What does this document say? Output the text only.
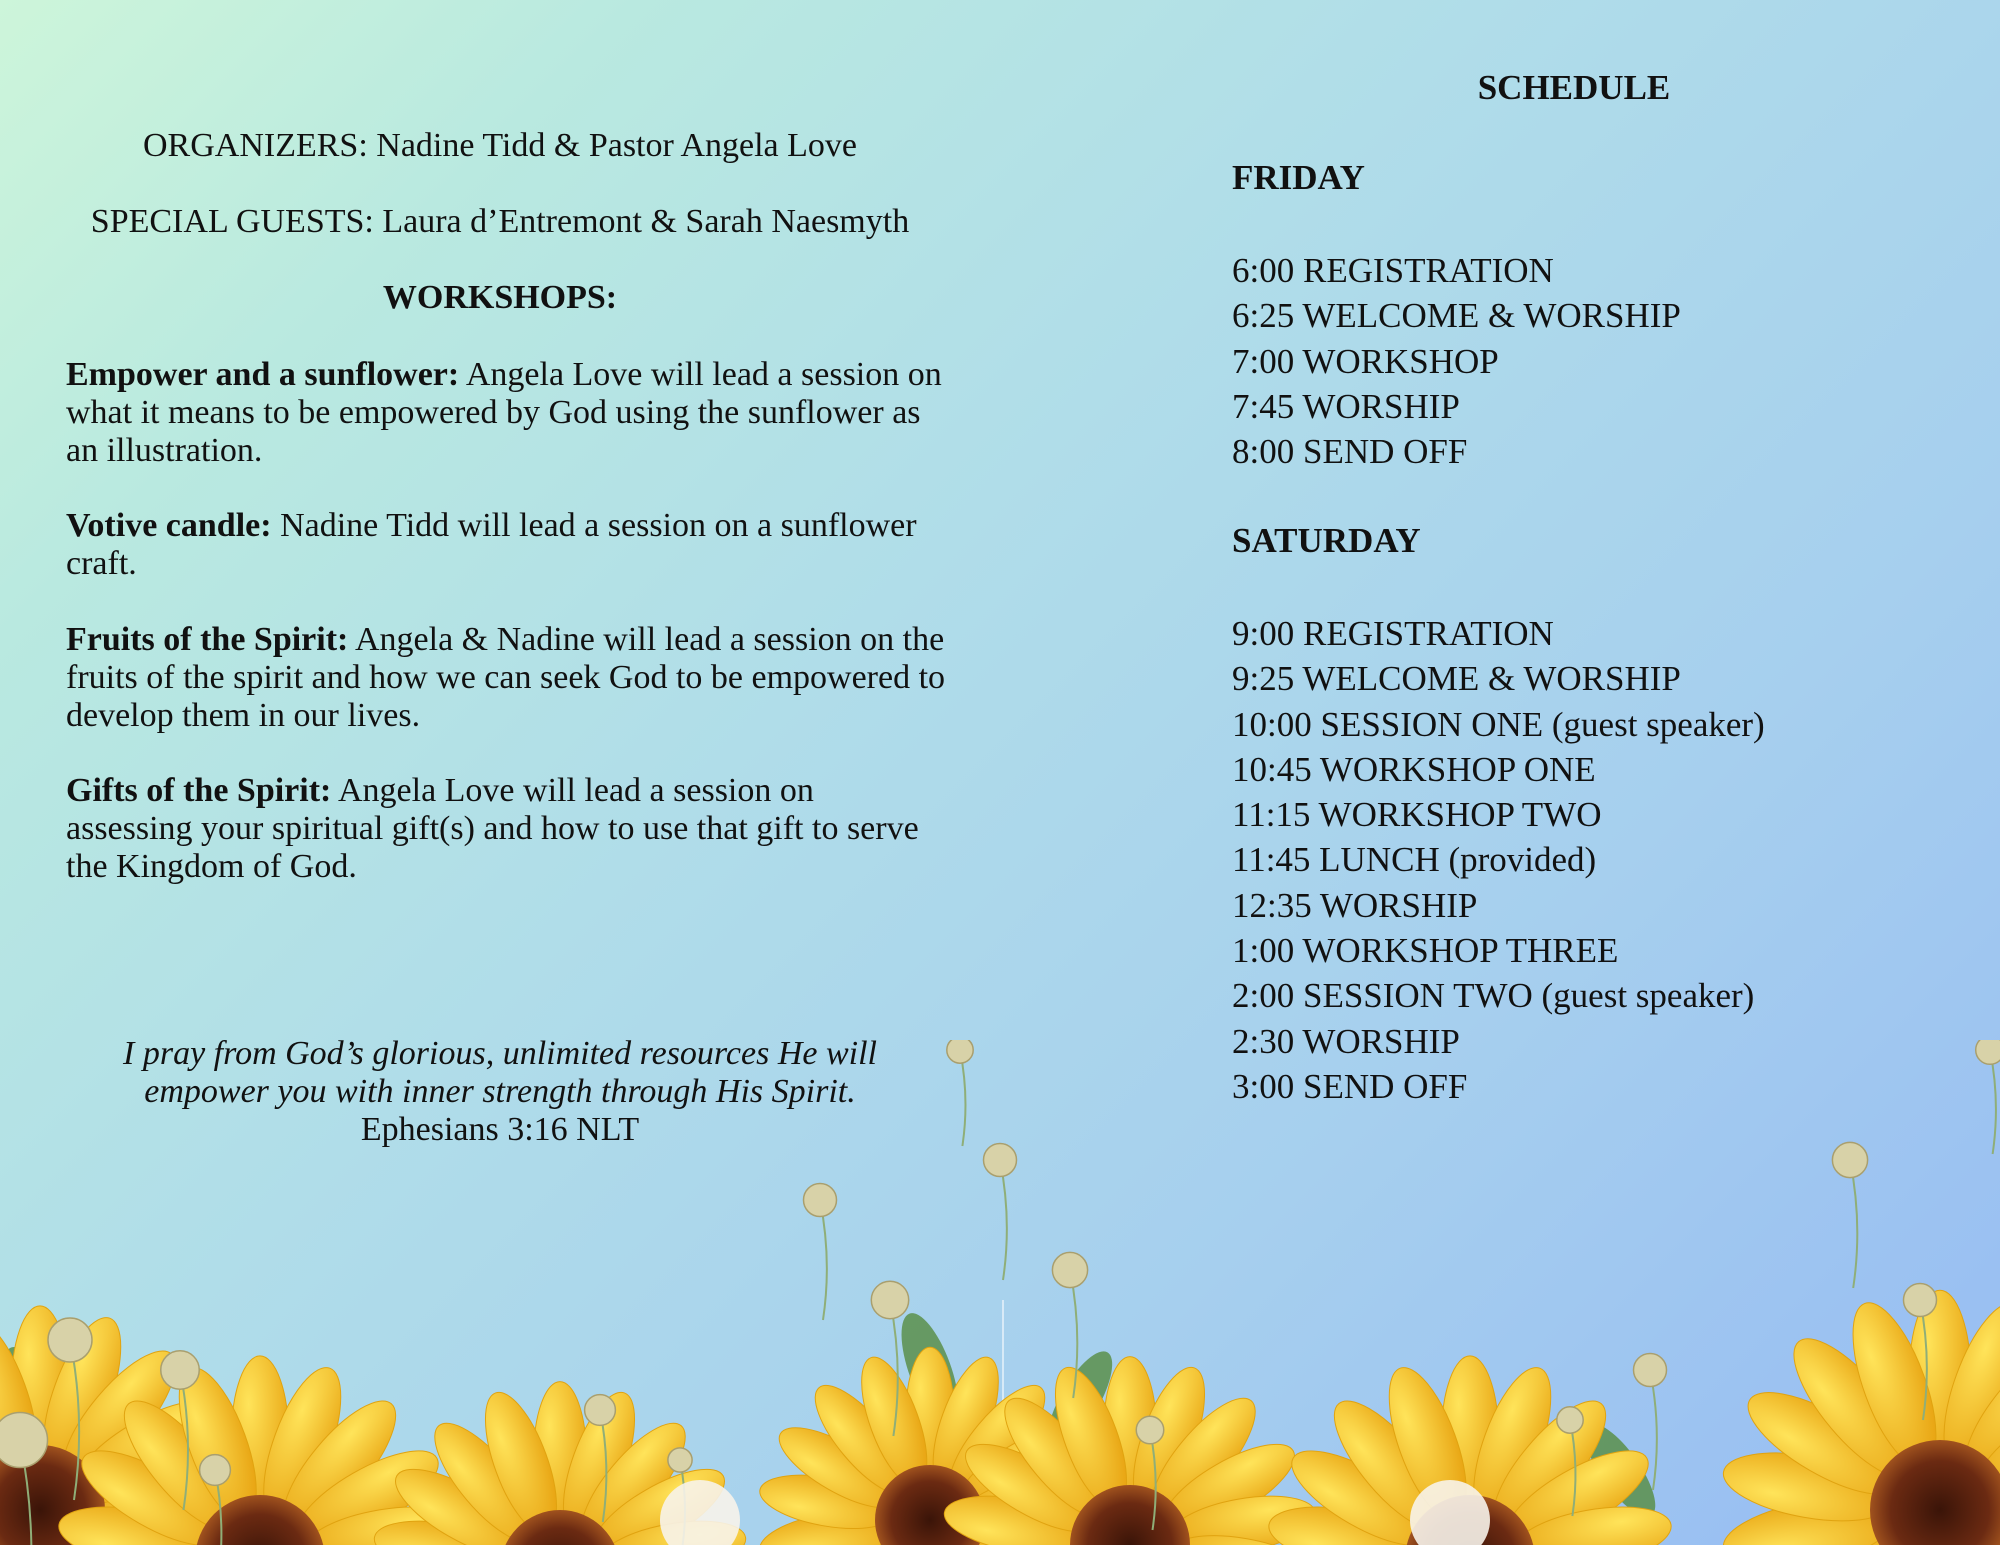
ORGANIZERS: Nadine Tidd & Pastor Angela Love

SPECIAL GUESTS: Laura d’Entremont & Sarah Naesmyth

WORKSHOPS:

Empower and a sunflower: Angela Love will lead a session on what it means to be empowered by God using the sunflower as an illustration.

Votive candle: Nadine Tidd will lead a session on a sunflower craft.

Fruits of the Spirit: Angela & Nadine will lead a session on the fruits of the spirit and how we can seek God to be empowered to develop them in our lives.

Gifts of the Spirit: Angela Love will lead a session on assessing your spiritual gift(s) and how to use that gift to serve the Kingdom of God.

I pray from God’s glorious, unlimited resources He will
empower you with inner strength through His Spirit.
Ephesians 3:16 NLT
SCHEDULE
FRIDAY
6:00 REGISTRATION
6:25 WELCOME & WORSHIP
7:00 WORKSHOP
7:45 WORSHIP
8:00 SEND OFF
SATURDAY
9:00 REGISTRATION
9:25 WELCOME & WORSHIP
10:00 SESSION ONE (guest speaker)
10:45 WORKSHOP ONE
11:15 WORKSHOP TWO
11:45 LUNCH (provided)
12:35 WORSHIP
1:00 WORKSHOP THREE
2:00 SESSION TWO (guest speaker)
2:30 WORSHIP
3:00 SEND OFF
